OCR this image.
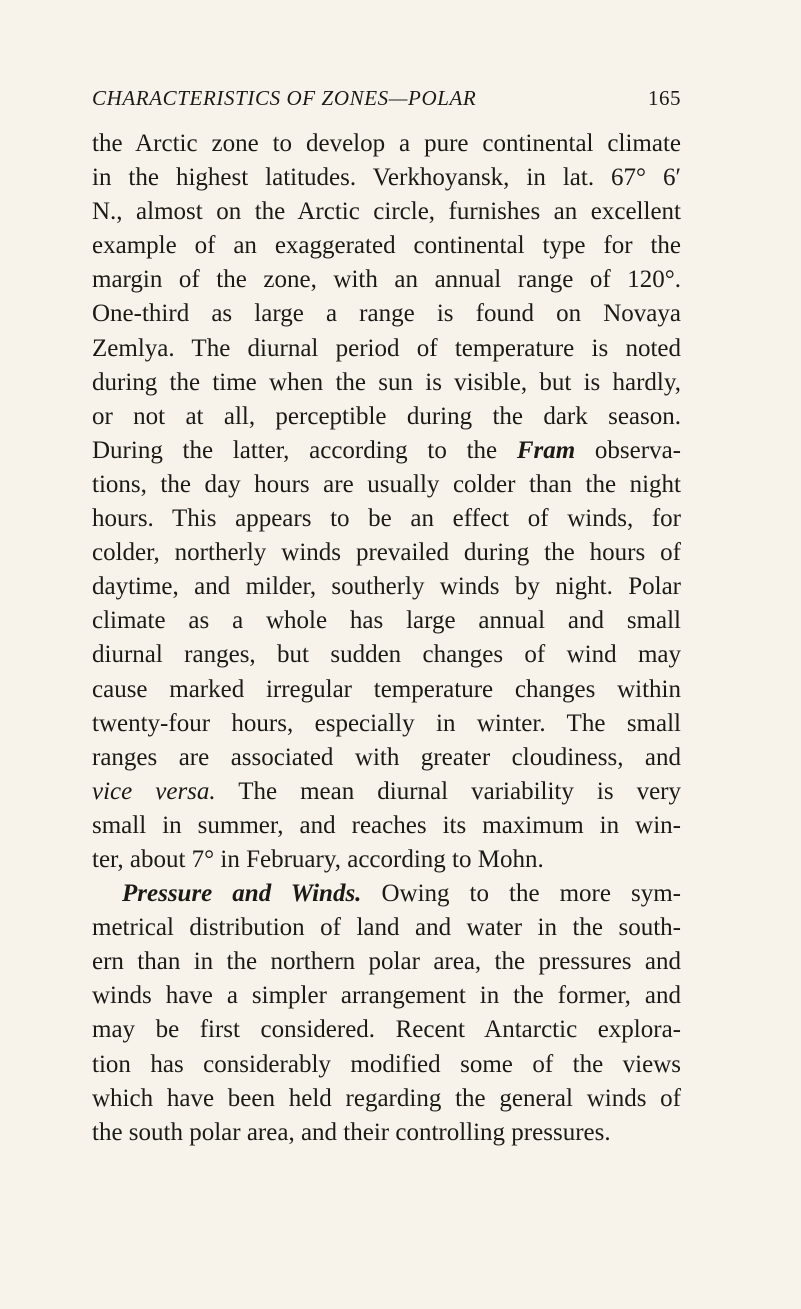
CHARACTERISTICS OF ZONES—POLAR	165
the Arctic zone to develop a pure continental climate
in the highest latitudes. Verkhoyansk, in lat. 67° 6′
N., almost on the Arctic circle, furnishes an excellent
example of an exaggerated continental type for the
margin of the zone, with an annual range of 120°.
One-third as large a range is found on Novaya
Zemlya. The diurnal period of temperature is noted
during the time when the sun is visible, but is hardly,
or not at all, perceptible during the dark season.
During the latter, according to the Fram observa-
tions, the day hours are usually colder than the night
hours. This appears to be an effect of winds, for
colder, northerly winds prevailed during the hours of
daytime, and milder, southerly winds by night. Polar
climate as a whole has large annual and small
diurnal ranges, but sudden changes of wind may
cause marked irregular temperature changes within
twenty-four hours, especially in winter. The small
ranges are associated with greater cloudiness, and
vice versa. The mean diurnal variability is very
small in summer, and reaches its maximum in win-
ter, about 7° in February, according to Mohn.
Pressure and Winds. Owing to the more sym-
metrical distribution of land and water in the south-
ern than in the northern polar area, the pressures and
winds have a simpler arrangement in the former, and
may be first considered. Recent Antarctic explora-
tion has considerably modified some of the views
which have been held regarding the general winds of
the south polar area, and their controlling pressures.
